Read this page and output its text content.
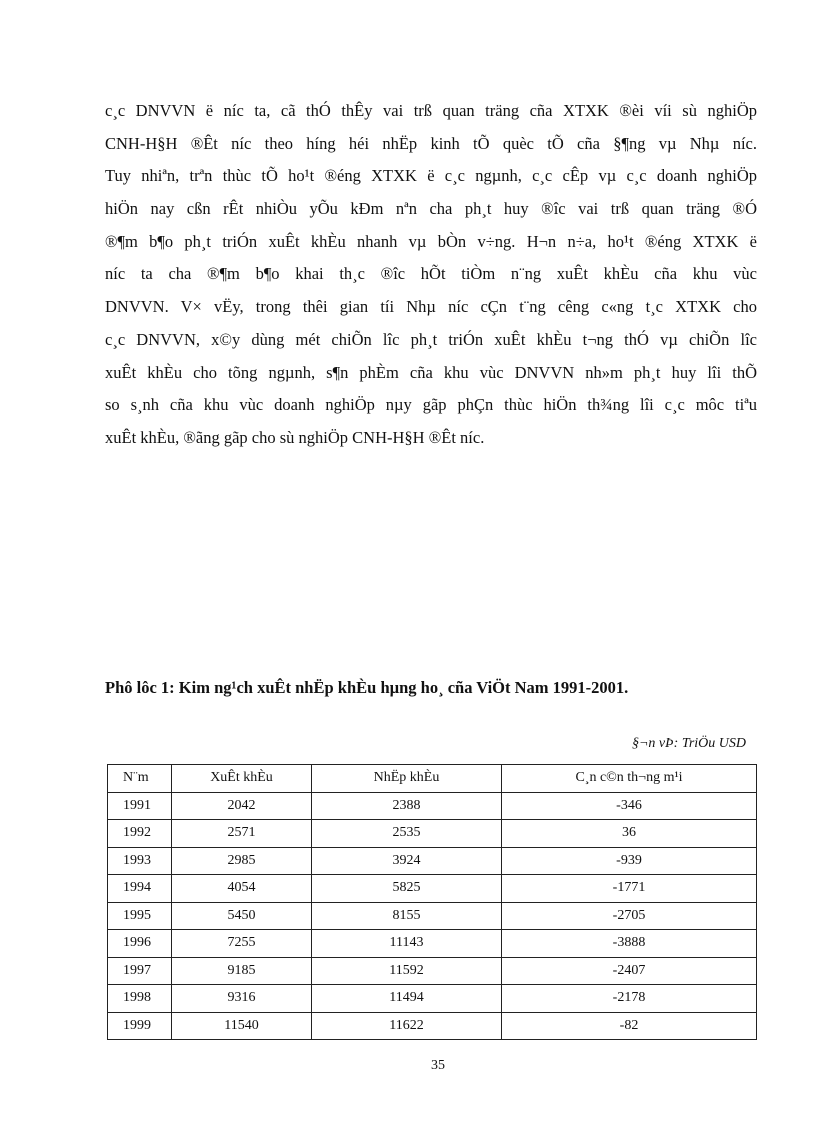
c¸c DNVVN ë níc ta, cã thÓ thÊy vai trß quan träng cña XTXK ®èi víi sù nghiÖp
CNH-H§H ®Êt níc theo híng héi nhËp kinh tÕ quèc tÕ cña §¶ng vµ Nhµ níc.
Tuy nhiªn, trªn thùc tÕ ho¹t ®éng XTXK ë c¸c ngµnh, c¸c cÊp vµ c¸c doanh nghiÖp
hiÖn nay cßn rÊt nhiÒu yÕu kÐm nªn cha ph¸t huy ®îc vai trß quan träng ®Ó
®¶m b¶o ph¸t triÓn xuÊt khÈu nhanh vµ bÒn v÷ng. H¬n n÷a, ho¹t ®éng XTXK ë
níc ta cha ®¶m b¶o khai th¸c ®îc hÕt tiÒm n¨ng xuÊt khÈu cña khu vùc
DNVVN. V× vËy, trong thêi gian tíi Nhµ níc cÇn t¨ng cêng c«ng t¸c XTXK cho
c¸c DNVVN, x©y dùng mét chiÕn lîc ph¸t triÓn xuÊt khÈu t¬ng thÓ vµ chiÕn lîc
xuÊt khÈu cho tõng ngµnh, s¶n phÈm cña khu vùc DNVVN nh»m ph¸t huy lîi thÕ
so s¸nh cña khu vùc doanh nghiÖp nµy gãp phÇn thùc hiÖn th¾ng lîi c¸c môc tiªu
xuÊt khÈu, ®ãng gãp cho sù nghiÖp CNH-H§H ®Êt níc.
Phô lôc 1: Kim ng¹ch xuÊt nhËp khÈu hµng ho¸ cña ViÖt Nam 1991-2001.
§¬n vÞ: TriÖu USD
N¨m	XuÊt khÈu	NhËp khÈu	C¸n c©n th¬ng m¹i
1991	2042	2388	-346
1992	2571	2535	36
1993	2985	3924	-939
1994	4054	5825	-1771
1995	5450	8155	-2705
1996	7255	11143	-3888
1997	9185	11592	-2407
1998	9316	11494	-2178
1999	11540	11622	-82
35
